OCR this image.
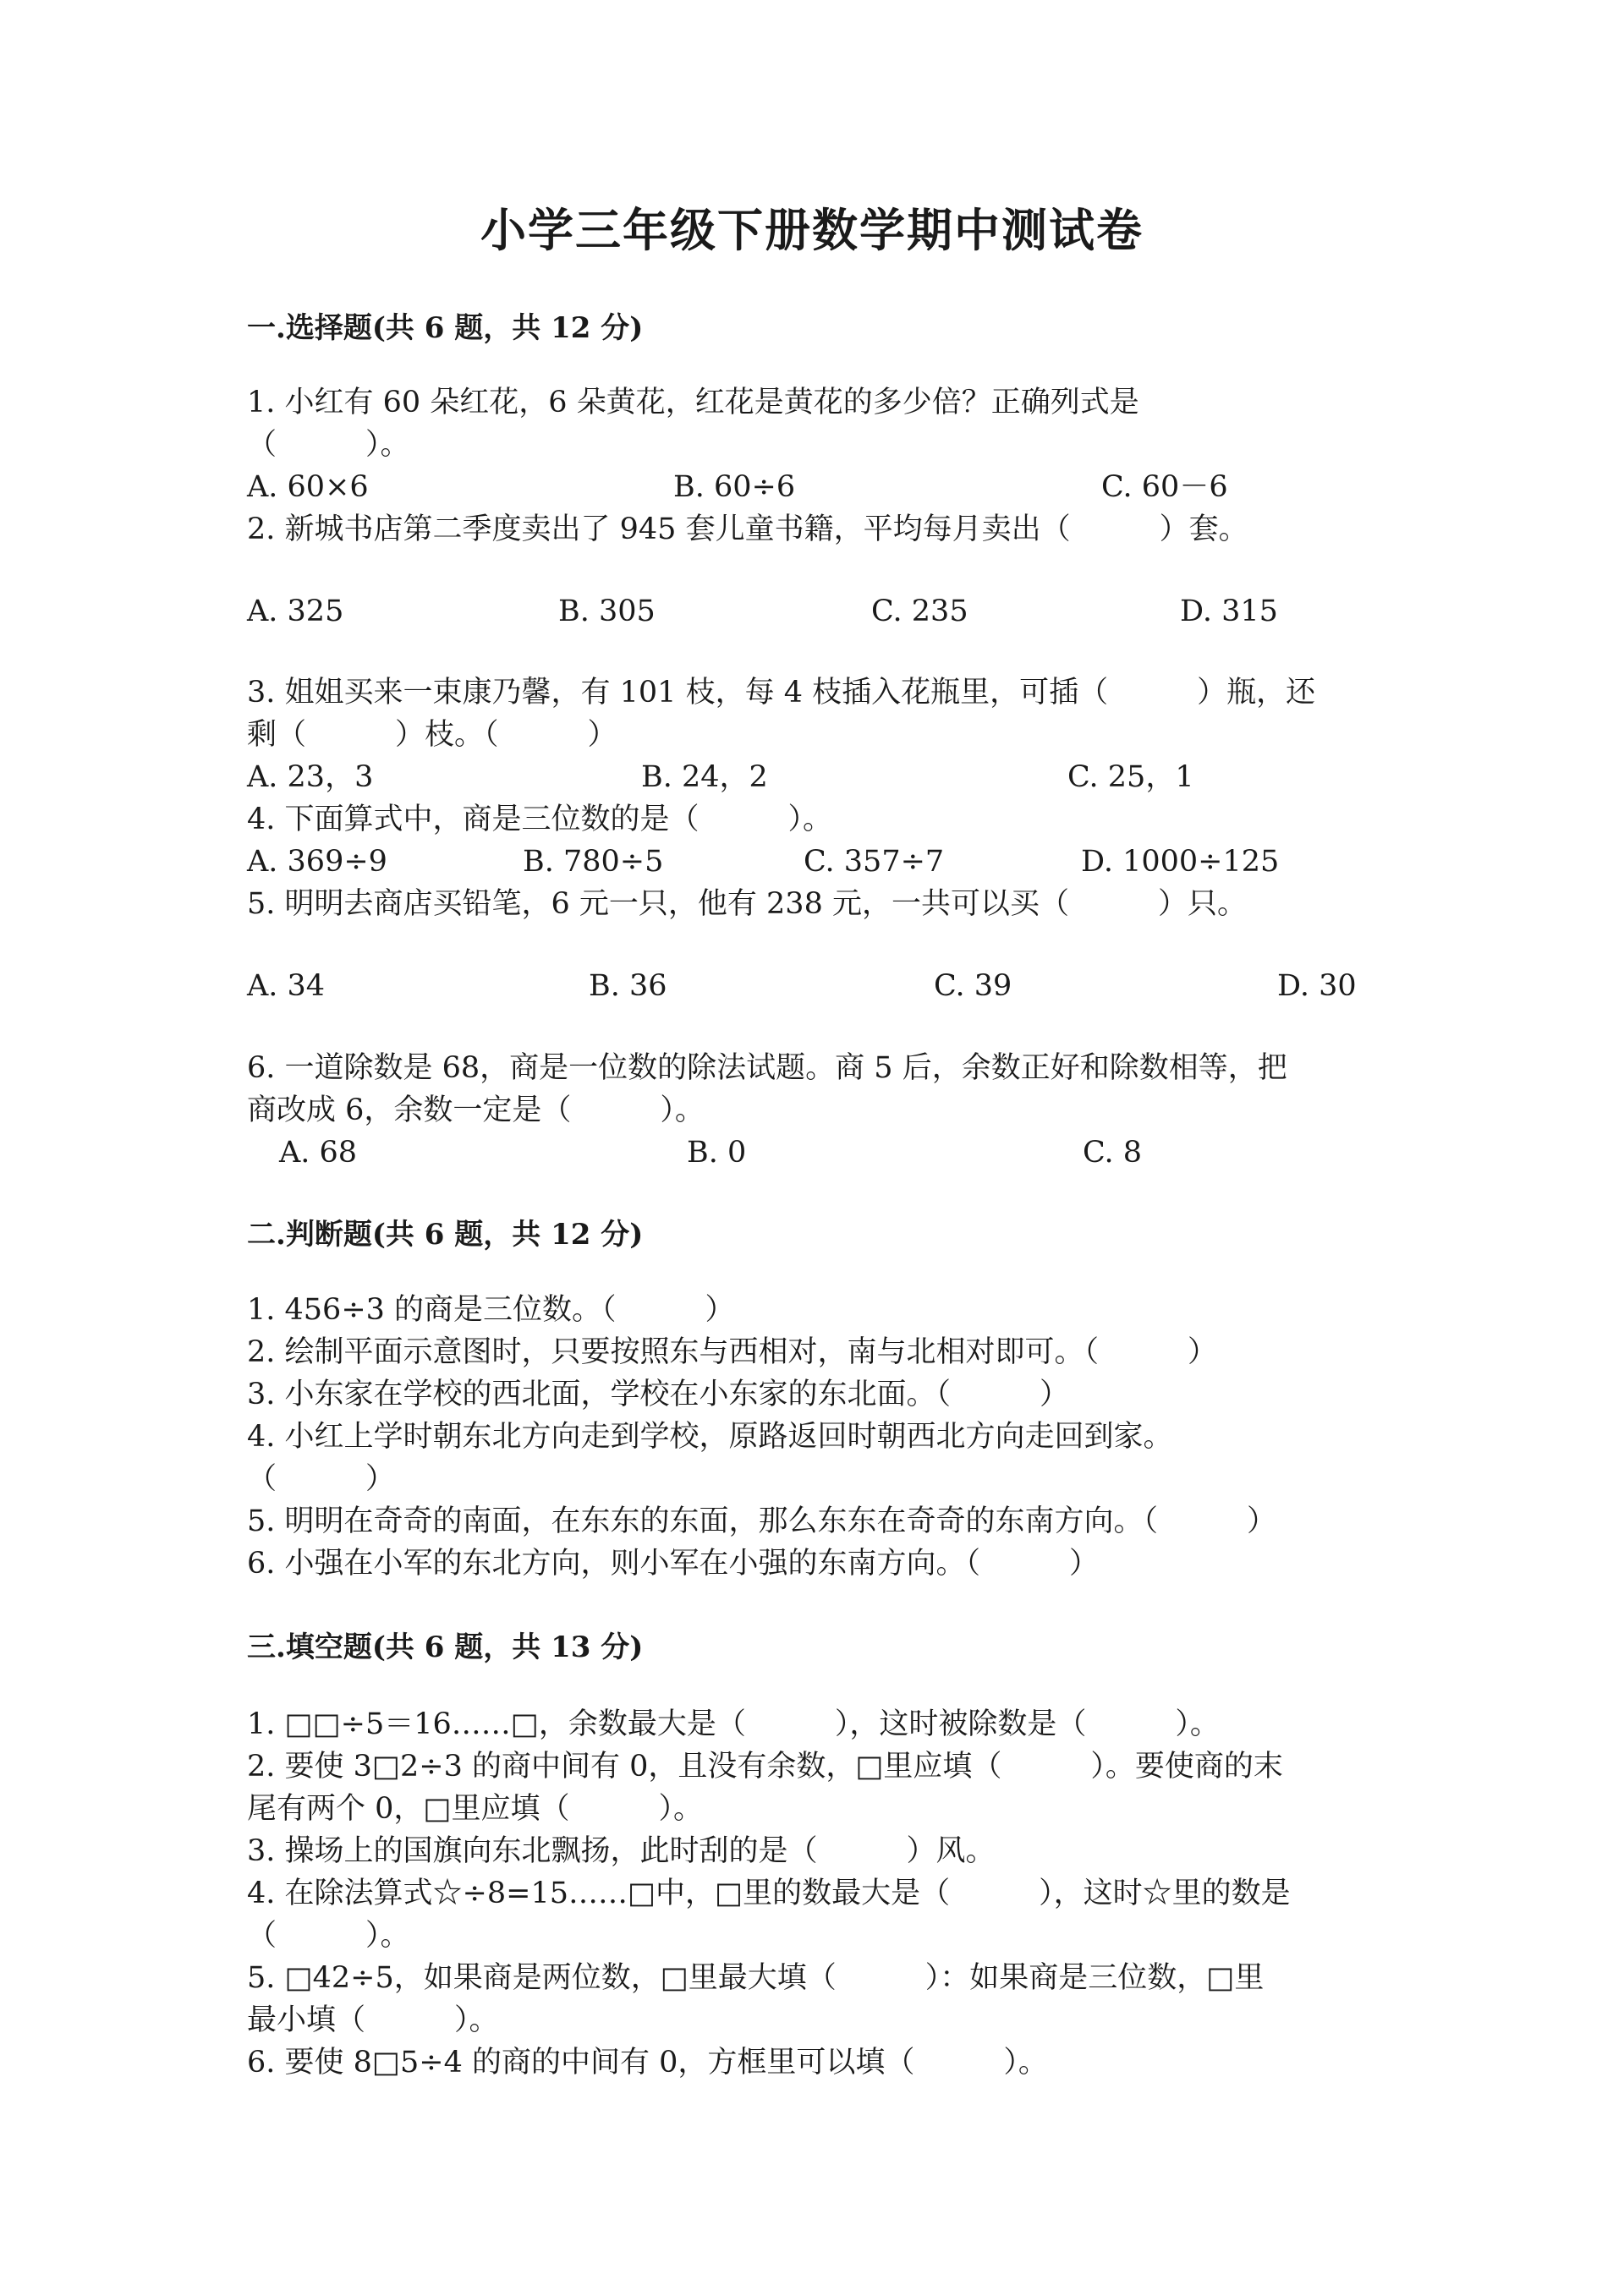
小学三年级下册数学期中测试卷
一.选择题(共 6 题，共 12 分)
1. 小红有 60 朵红花，6 朵黄花，红花是黄花的多少倍？正确列式是
（　　　）。
A. 60×6	B. 60÷6	C. 60－6
2. 新城书店第二季度卖出了 945 套儿童书籍，平均每月卖出（　　　）套。
A. 325	B. 305	C. 235	D. 315
3. 姐姐买来一束康乃馨，有 101 枝，每 4 枝插入花瓶里，可插（　　　）瓶，还
剩（　　　）枝。（　　　）
A. 23，3	B. 24，2	C. 25，1
4. 下面算式中，商是三位数的是（　　　）。
A. 369÷9	B. 780÷5	C. 357÷7	D. 1000÷125
5. 明明去商店买铅笔，6 元一只，他有 238 元，一共可以买（　　　）只。
A. 34	B. 36	C. 39	D. 30
6. 一道除数是 68，商是一位数的除法试题。商 5 后，余数正好和除数相等，把
商改成 6，余数一定是（　　　）。
A. 68	B. 0	C. 8
二.判断题(共 6 题，共 12 分)
1. 456÷3 的商是三位数。（　　　）
2. 绘制平面示意图时，只要按照东与西相对，南与北相对即可。（　　　）
3. 小东家在学校的西北面，学校在小东家的东北面。（　　　）
4. 小红上学时朝东北方向走到学校，原路返回时朝西北方向走回到家。
（　　　）
5. 明明在奇奇的南面，在东东的东面，那么东东在奇奇的东南方向。（　　　）
6. 小强在小军的东北方向，则小军在小强的东南方向。（　　　）
三.填空题(共 6 题，共 13 分)
1. □□÷5＝16……□，余数最大是（　　　），这时被除数是（　　　）。
2. 要使 3□2÷3 的商中间有 0，且没有余数，□里应填（　　　）。要使商的末
尾有两个 0，□里应填（　　　）。
3. 操场上的国旗向东北飘扬，此时刮的是（　　　）风。
4. 在除法算式☆÷8=15……□中，□里的数最大是（　　　），这时☆里的数是
（　　　）。
5. □42÷5，如果商是两位数，□里最大填（　　　）：如果商是三位数，□里
最小填（　　　）。
6. 要使 8□5÷4 的商的中间有 0，方框里可以填（　　　）。
